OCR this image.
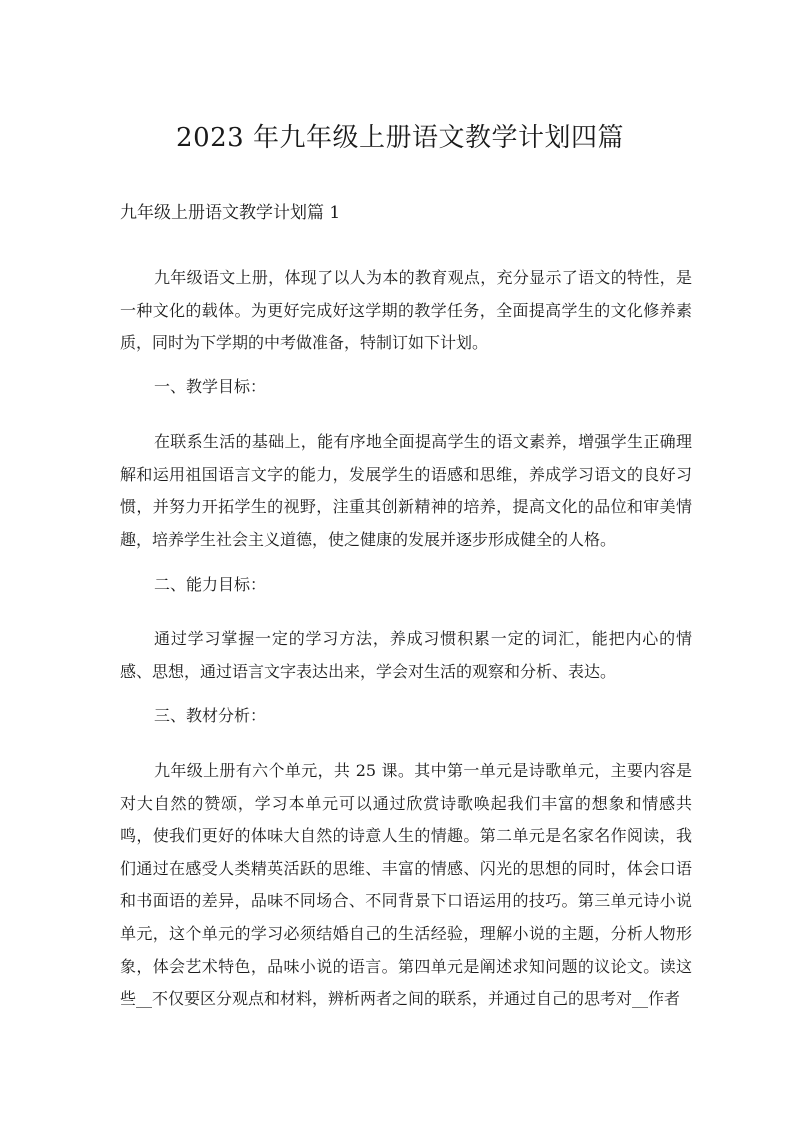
2023 年九年级上册语文教学计划四篇
九年级上册语文教学计划篇 1

九年级语文上册，体现了以人为本的教育观点，充分显示了语文的特性，是一种文化的载体。为更好完成好这学期的教学任务，全面提高学生的文化修养素质，同时为下学期的中考做准备，特制订如下计划。

一、教学目标：

在联系生活的基础上，能有序地全面提高学生的语文素养，增强学生正确理解和运用祖国语言文字的能力，发展学生的语感和思维，养成学习语文的良好习惯，并努力开拓学生的视野，注重其创新精神的培养，提高文化的品位和审美情趣，培养学生社会主义道德，使之健康的发展并逐步形成健全的人格。

二、能力目标：

通过学习掌握一定的学习方法，养成习惯积累一定的词汇，能把内心的情感、思想，通过语言文字表达出来，学会对生活的观察和分析、表达。

三、教材分析：

九年级上册有六个单元，共 25 课。其中第一单元是诗歌单元，主要内容是对大自然的赞颂，学习本单元可以通过欣赏诗歌唤起我们丰富的想象和情感共鸣，使我们更好的体味大自然的诗意人生的情趣。第二单元是名家名作阅读，我们通过在感受人类精英活跃的思维、丰富的情感、闪光的思想的同时，体会口语和书面语的差异，品味不同场合、不同背景下口语运用的技巧。第三单元诗小说单元，这个单元的学习必须结婚自己的生活经验，理解小说的主题，分析人物形象，体会艺术特色，品味小说的语言。第四单元是阐述求知问题的议论文。读这些__不仅要区分观点和材料，辨析两者之间的联系，并通过自己的思考对__作者
